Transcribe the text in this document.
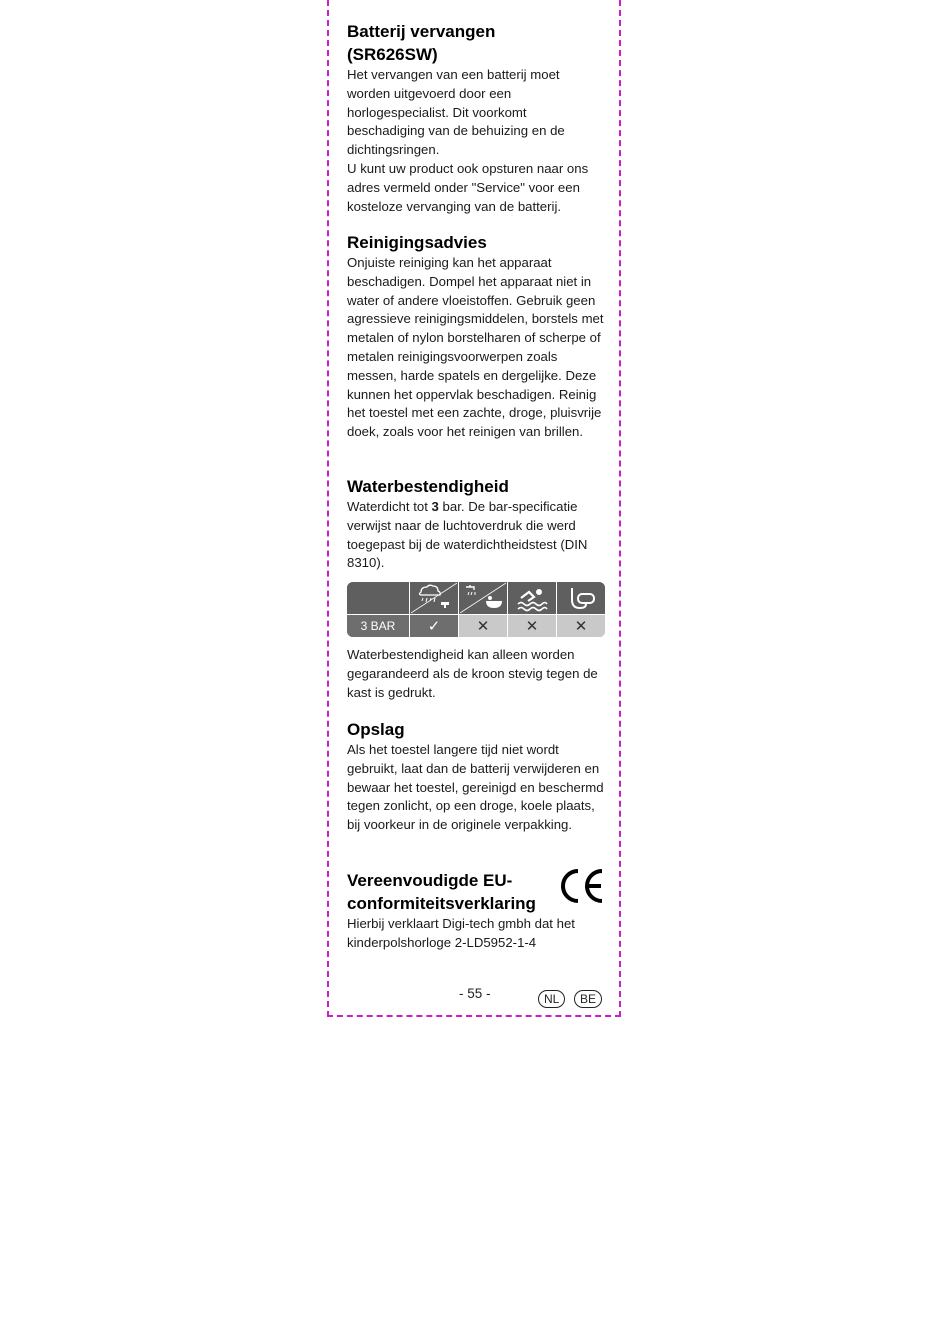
Batterij vervangen
(SR626SW)

Het vervangen van een batterij moet worden uitgevoerd door een horlogespecialist. Dit voorkomt beschadiging van de behuizing en de dichtingsringen.

U kunt uw product ook opsturen naar ons adres vermeld onder "Service" voor een kosteloze vervanging van de batterij.

Reinigingsadvies

Onjuiste reiniging kan het apparaat beschadigen. Dompel het apparaat niet in water of andere vloeistoffen. Gebruik geen agressieve reinigingsmiddelen, borstels met metalen of nylon borstelharen of scherpe of metalen reinigingsvoorwerpen zoals messen, harde spatels en dergelijke. Deze kunnen het oppervlak beschadigen. Reinig het toestel met een zachte, droge, pluisvrije doek, zoals voor het reinigen van brillen.

Waterbestendigheid

Waterdicht tot 3 bar. De bar-specificatie verwijst naar de luchtoverdruk die werd toegepast bij de waterdichtheidstest (DIN 8310).

3 BAR	✓	✕	✕	✕

Waterbestendigheid kan alleen worden gegarandeerd als de kroon stevig tegen de kast is gedrukt.

Opslag

Als het toestel langere tijd niet wordt gebruikt, laat dan de batterij verwijderen en bewaar het toestel, gereinigd en beschermd tegen zonlicht, op een droge, koele plaats, bij voorkeur in de originele verpakking.

Vereenvoudigde EU-
conformiteitsverklaring

Hierbij verklaart Digi-tech gmbh dat het kinderpolshorloge 2-LD5952-1-4

- 55 -	NL	BE
